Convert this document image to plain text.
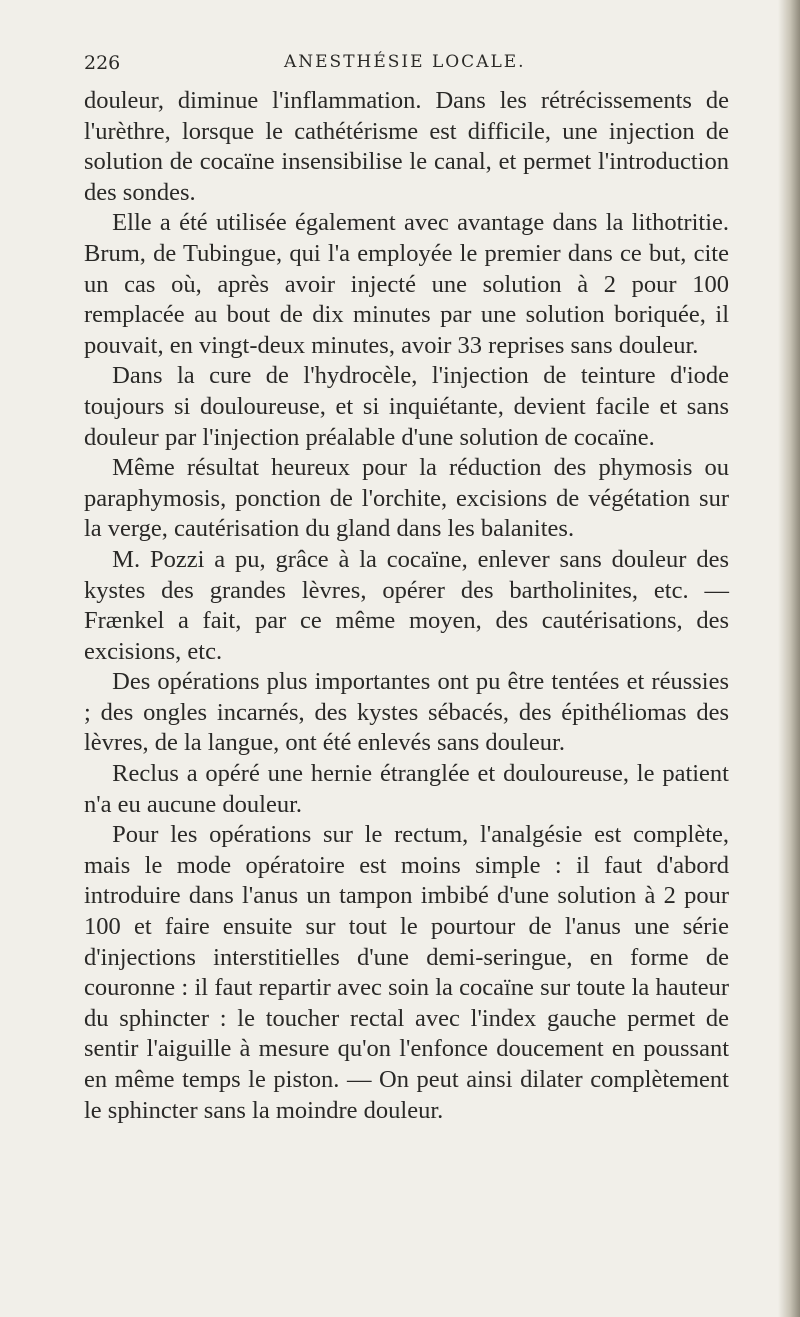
226	ANESTHÉSIE LOCALE.

douleur, diminue l'inflammation. Dans les rétrécissements de l'urèthre, lorsque le cathétérisme est difficile, une injection de solution de cocaïne insensibilise le canal, et permet l'introduction des sondes.

Elle a été utilisée également avec avantage dans la lithotritie. Brum, de Tubingue, qui l'a employée le premier dans ce but, cite un cas où, après avoir injecté une solution à 2 pour 100 remplacée au bout de dix minutes par une solution boriquée, il pouvait, en vingt-deux minutes, avoir 33 reprises sans douleur.

Dans la cure de l'hydrocèle, l'injection de teinture d'iode toujours si douloureuse, et si inquiétante, devient facile et sans douleur par l'injection préalable d'une solution de cocaïne.

Même résultat heureux pour la réduction des phymosis ou paraphymosis, ponction de l'orchite, excisions de végétation sur la verge, cautérisation du gland dans les balanites.

M. Pozzi a pu, grâce à la cocaïne, enlever sans douleur des kystes des grandes lèvres, opérer des bartholinites, etc. — Frænkel a fait, par ce même moyen, des cautérisations, des excisions, etc.

Des opérations plus importantes ont pu être tentées et réussies ; des ongles incarnés, des kystes sébacés, des épithéliomas des lèvres, de la langue, ont été enlevés sans douleur.

Reclus a opéré une hernie étranglée et douloureuse, le patient n'a eu aucune douleur.

Pour les opérations sur le rectum, l'analgésie est complète, mais le mode opératoire est moins simple : il faut d'abord introduire dans l'anus un tampon imbibé d'une solution à 2 pour 100 et faire ensuite sur tout le pourtour de l'anus une série d'injections interstitielles d'une demi-seringue, en forme de couronne : il faut repartir avec soin la cocaïne sur toute la hauteur du sphincter : le toucher rectal avec l'index gauche permet de sentir l'aiguille à mesure qu'on l'enfonce doucement en poussant en même temps le piston. — On peut ainsi dilater complètement le sphincter sans la moindre douleur.
